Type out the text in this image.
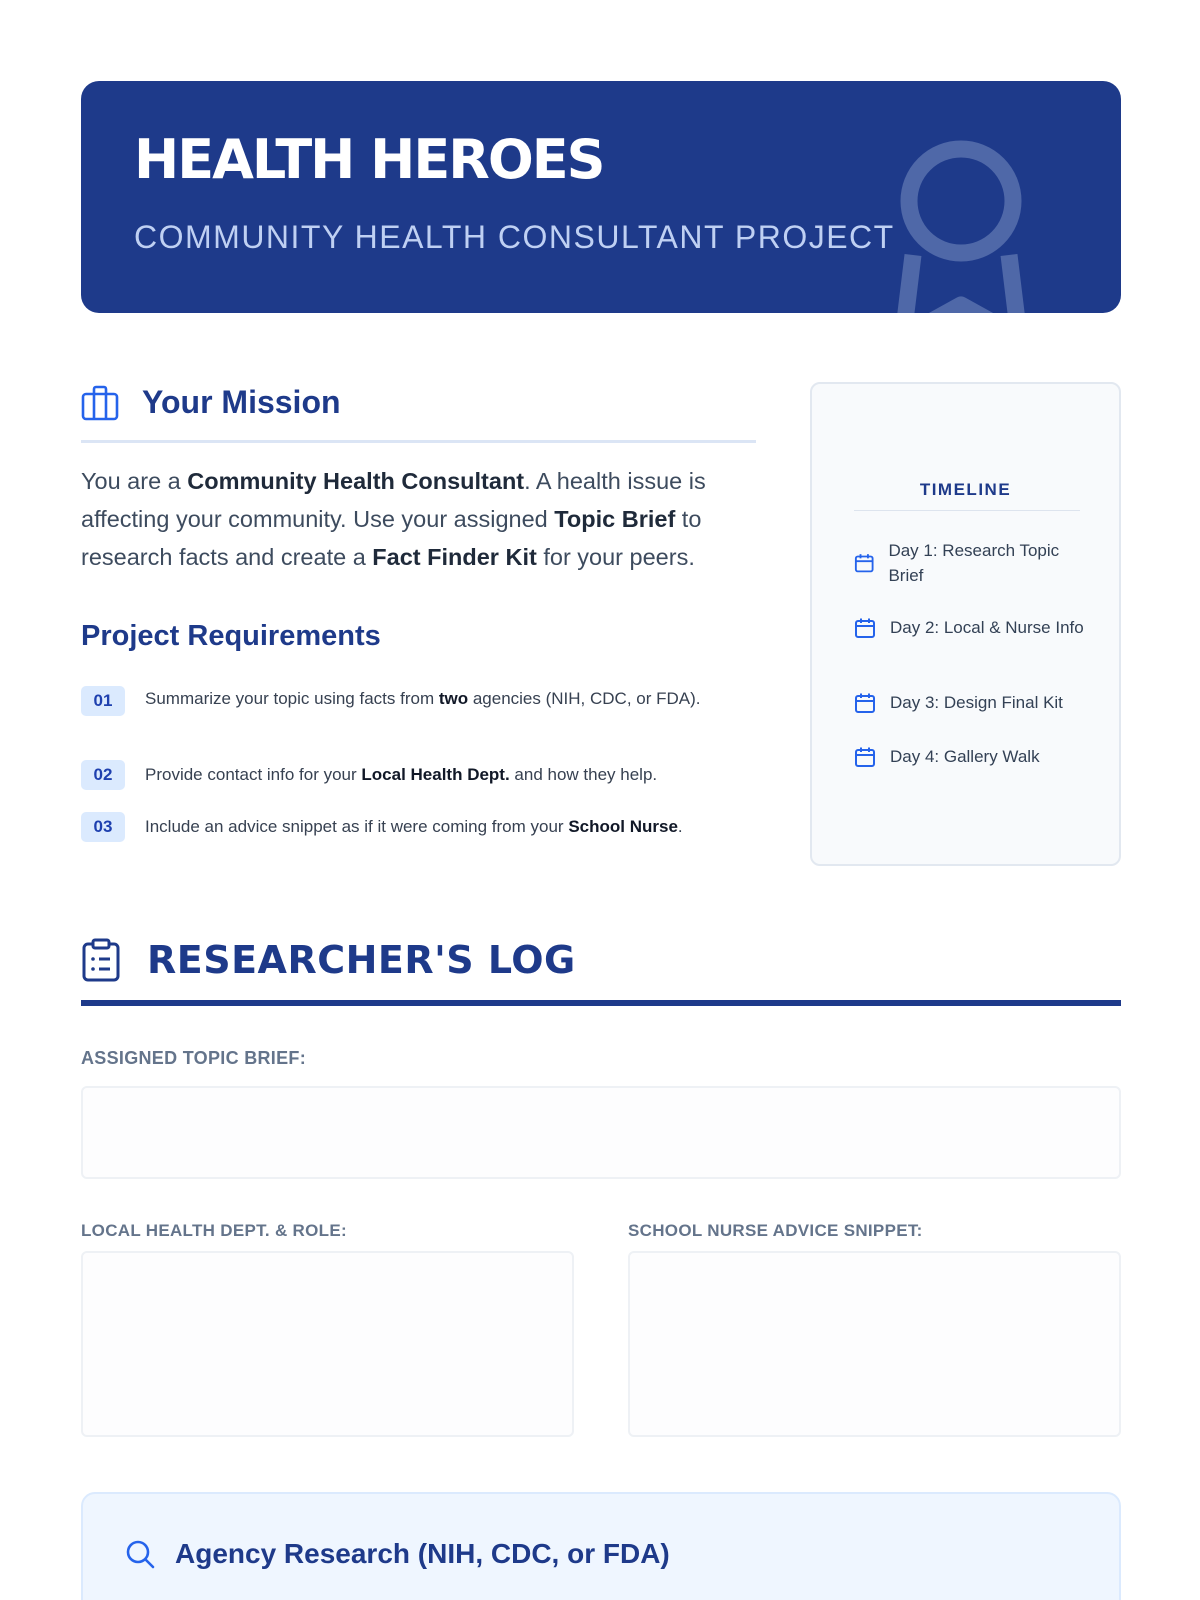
HEALTH HEROES
COMMUNITY HEALTH CONSULTANT PROJECT
Your Mission
You are a Community Health Consultant. A health issue is affecting your community. Use your assigned Topic Brief to research facts and create a Fact Finder Kit for your peers.
Project Requirements
01	Summarize your topic using facts from two agencies (NIH, CDC, or FDA).
02	Provide contact info for your Local Health Dept. and how they help.
03	Include an advice snippet as if it were coming from your School Nurse.
TIMELINE
Day 1: Research Topic Brief
Day 2: Local & Nurse Info
Day 3: Design Final Kit
Day 4: Gallery Walk
RESEARCHER'S LOG
ASSIGNED TOPIC BRIEF:
LOCAL HEALTH DEPT. & ROLE:	SCHOOL NURSE ADVICE SNIPPET:
Agency Research (NIH, CDC, or FDA)
